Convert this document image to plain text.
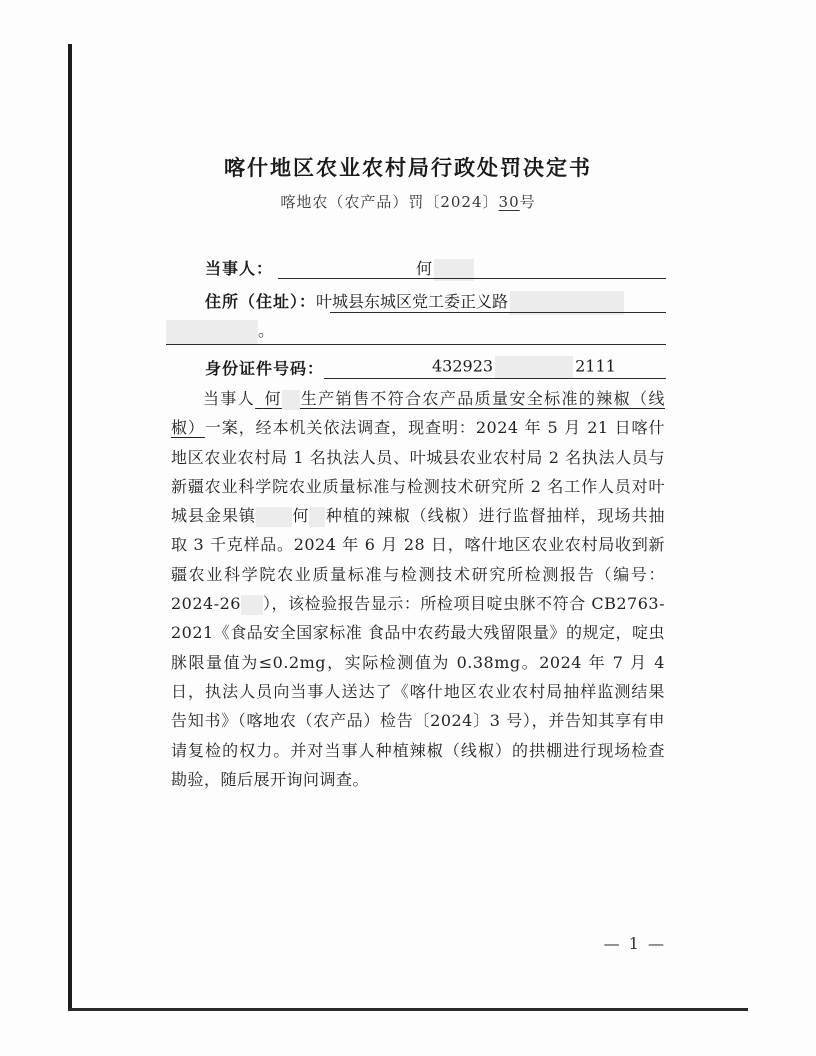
喀什地区农业农村局行政处罚决定书
喀地农（农产品）罚〔2024〕30号
当事人：	何
住所（住址）：叶城县东城区党工委正义路
。
身份证件号码：	432923	2111

当事人  何 生产销售不符合农产品质量安全标准的辣椒（线椒）一案，经本机关依法调查，现查明：2024 年 5 月 21 日喀什地区农业农村局 1 名执法人员、叶城县农业农村局 2 名执法人员与新疆农业科学院农业质量标准与检测技术研究所 2 名工作人员对叶城县金果镇 何 种植的辣椒（线椒）进行监督抽样，现场共抽取 3 千克样品。2024 年 6 月 28 日，喀什地区农业农村局收到新疆农业科学院农业质量标准与检测技术研究所检测报告（编号：2024-26 ），该检验报告显示：所检项目啶虫脒不符合 CB2763-2021《食品安全国家标准 食品中农药最大残留限量》的规定，啶虫脒限量值为≤0.2mg，实际检测值为 0.38mg。2024 年 7 月 4 日，执法人员向当事人送达了《喀什地区农业农村局抽样监测结果告知书》（喀地农（农产品）检告〔2024〕3 号），并告知其享有申请复检的权力。并对当事人种植辣椒（线椒）的拱棚进行现场检查勘验，随后展开询问调查。

— 1 —
